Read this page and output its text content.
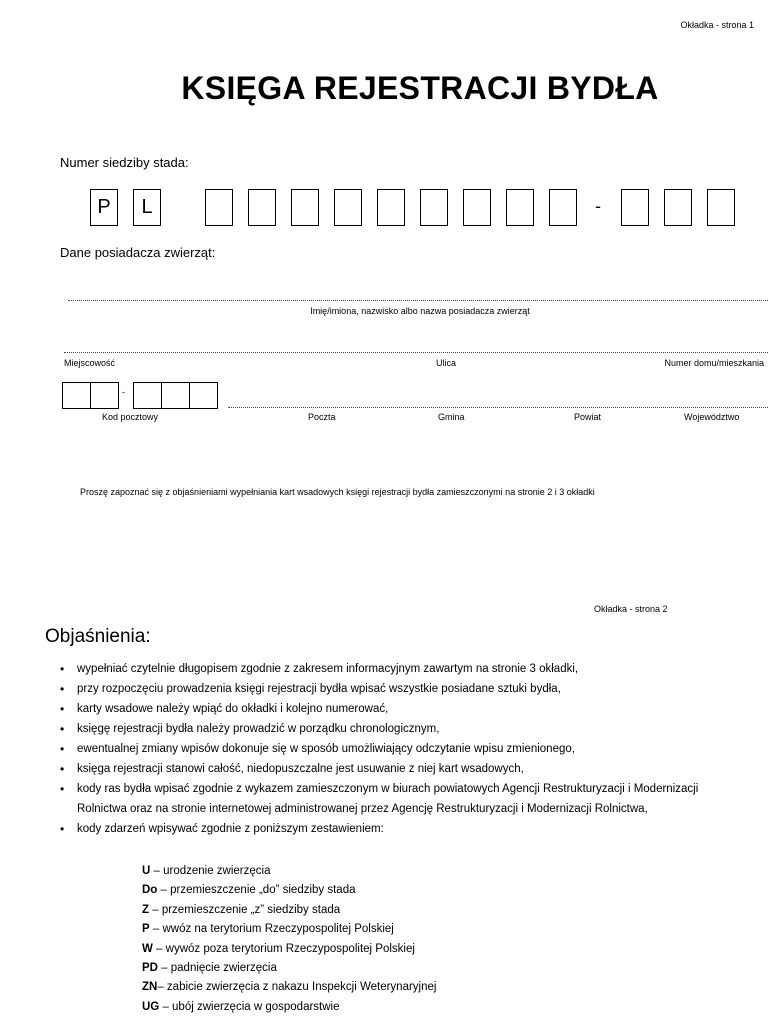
Okładka - strona 1
KSIĘGA REJESTRACJI BYDŁA
Numer siedziby stada:
P	L	-
Dane posiadacza zwierząt:
Imię/imiona, nazwisko albo nazwa posiadacza zwierząt
Miejscowość	Ulica	Numer domu/mieszkania
-
Kod pocztowy	Poczta	Gmina	Powiat	Województwo
Proszę zapoznać się z objaśnieniami wypełniania kart wsadowych księgi rejestracji bydła zamieszczonymi na stronie 2 i 3 okładki
Okładka - strona 2
Objaśnienia:
• wypełniać czytelnie długopisem zgodnie z zakresem informacyjnym zawartym na stronie 3 okładki,
• przy rozpoczęciu prowadzenia księgi rejestracji bydła wpisać wszystkie posiadane sztuki bydła,
• karty wsadowe należy wpiąć do okładki i kolejno numerować,
• księgę rejestracji bydła należy prowadzić w porządku chronologicznym,
• ewentualnej zmiany wpisów dokonuje się w sposób umożliwiający odczytanie wpisu zmienionego,
• księga rejestracji stanowi całość, niedopuszczalne jest usuwanie z niej kart wsadowych,
• kody ras bydła wpisać zgodnie z wykazem zamieszczonym w biurach powiatowych Agencji Restrukturyzacji i Modernizacji Rolnictwa oraz na stronie internetowej administrowanej przez Agencję Restrukturyzacji i Modernizacji Rolnictwa,
• kody zdarzeń wpisywać zgodnie z poniższym zestawieniem:
U – urodzenie zwierzęcia
Do – przemieszczenie „do” siedziby stada
Z – przemieszczenie „z” siedziby stada
P – wwóz na terytorium Rzeczypospolitej Polskiej
W – wywóz poza terytorium Rzeczypospolitej Polskiej
PD – padnięcie zwierzęcia
ZN– zabicie zwierzęcia z nakazu Inspekcji Weterynaryjnej
UG – ubój zwierzęcia w gospodarstwie
